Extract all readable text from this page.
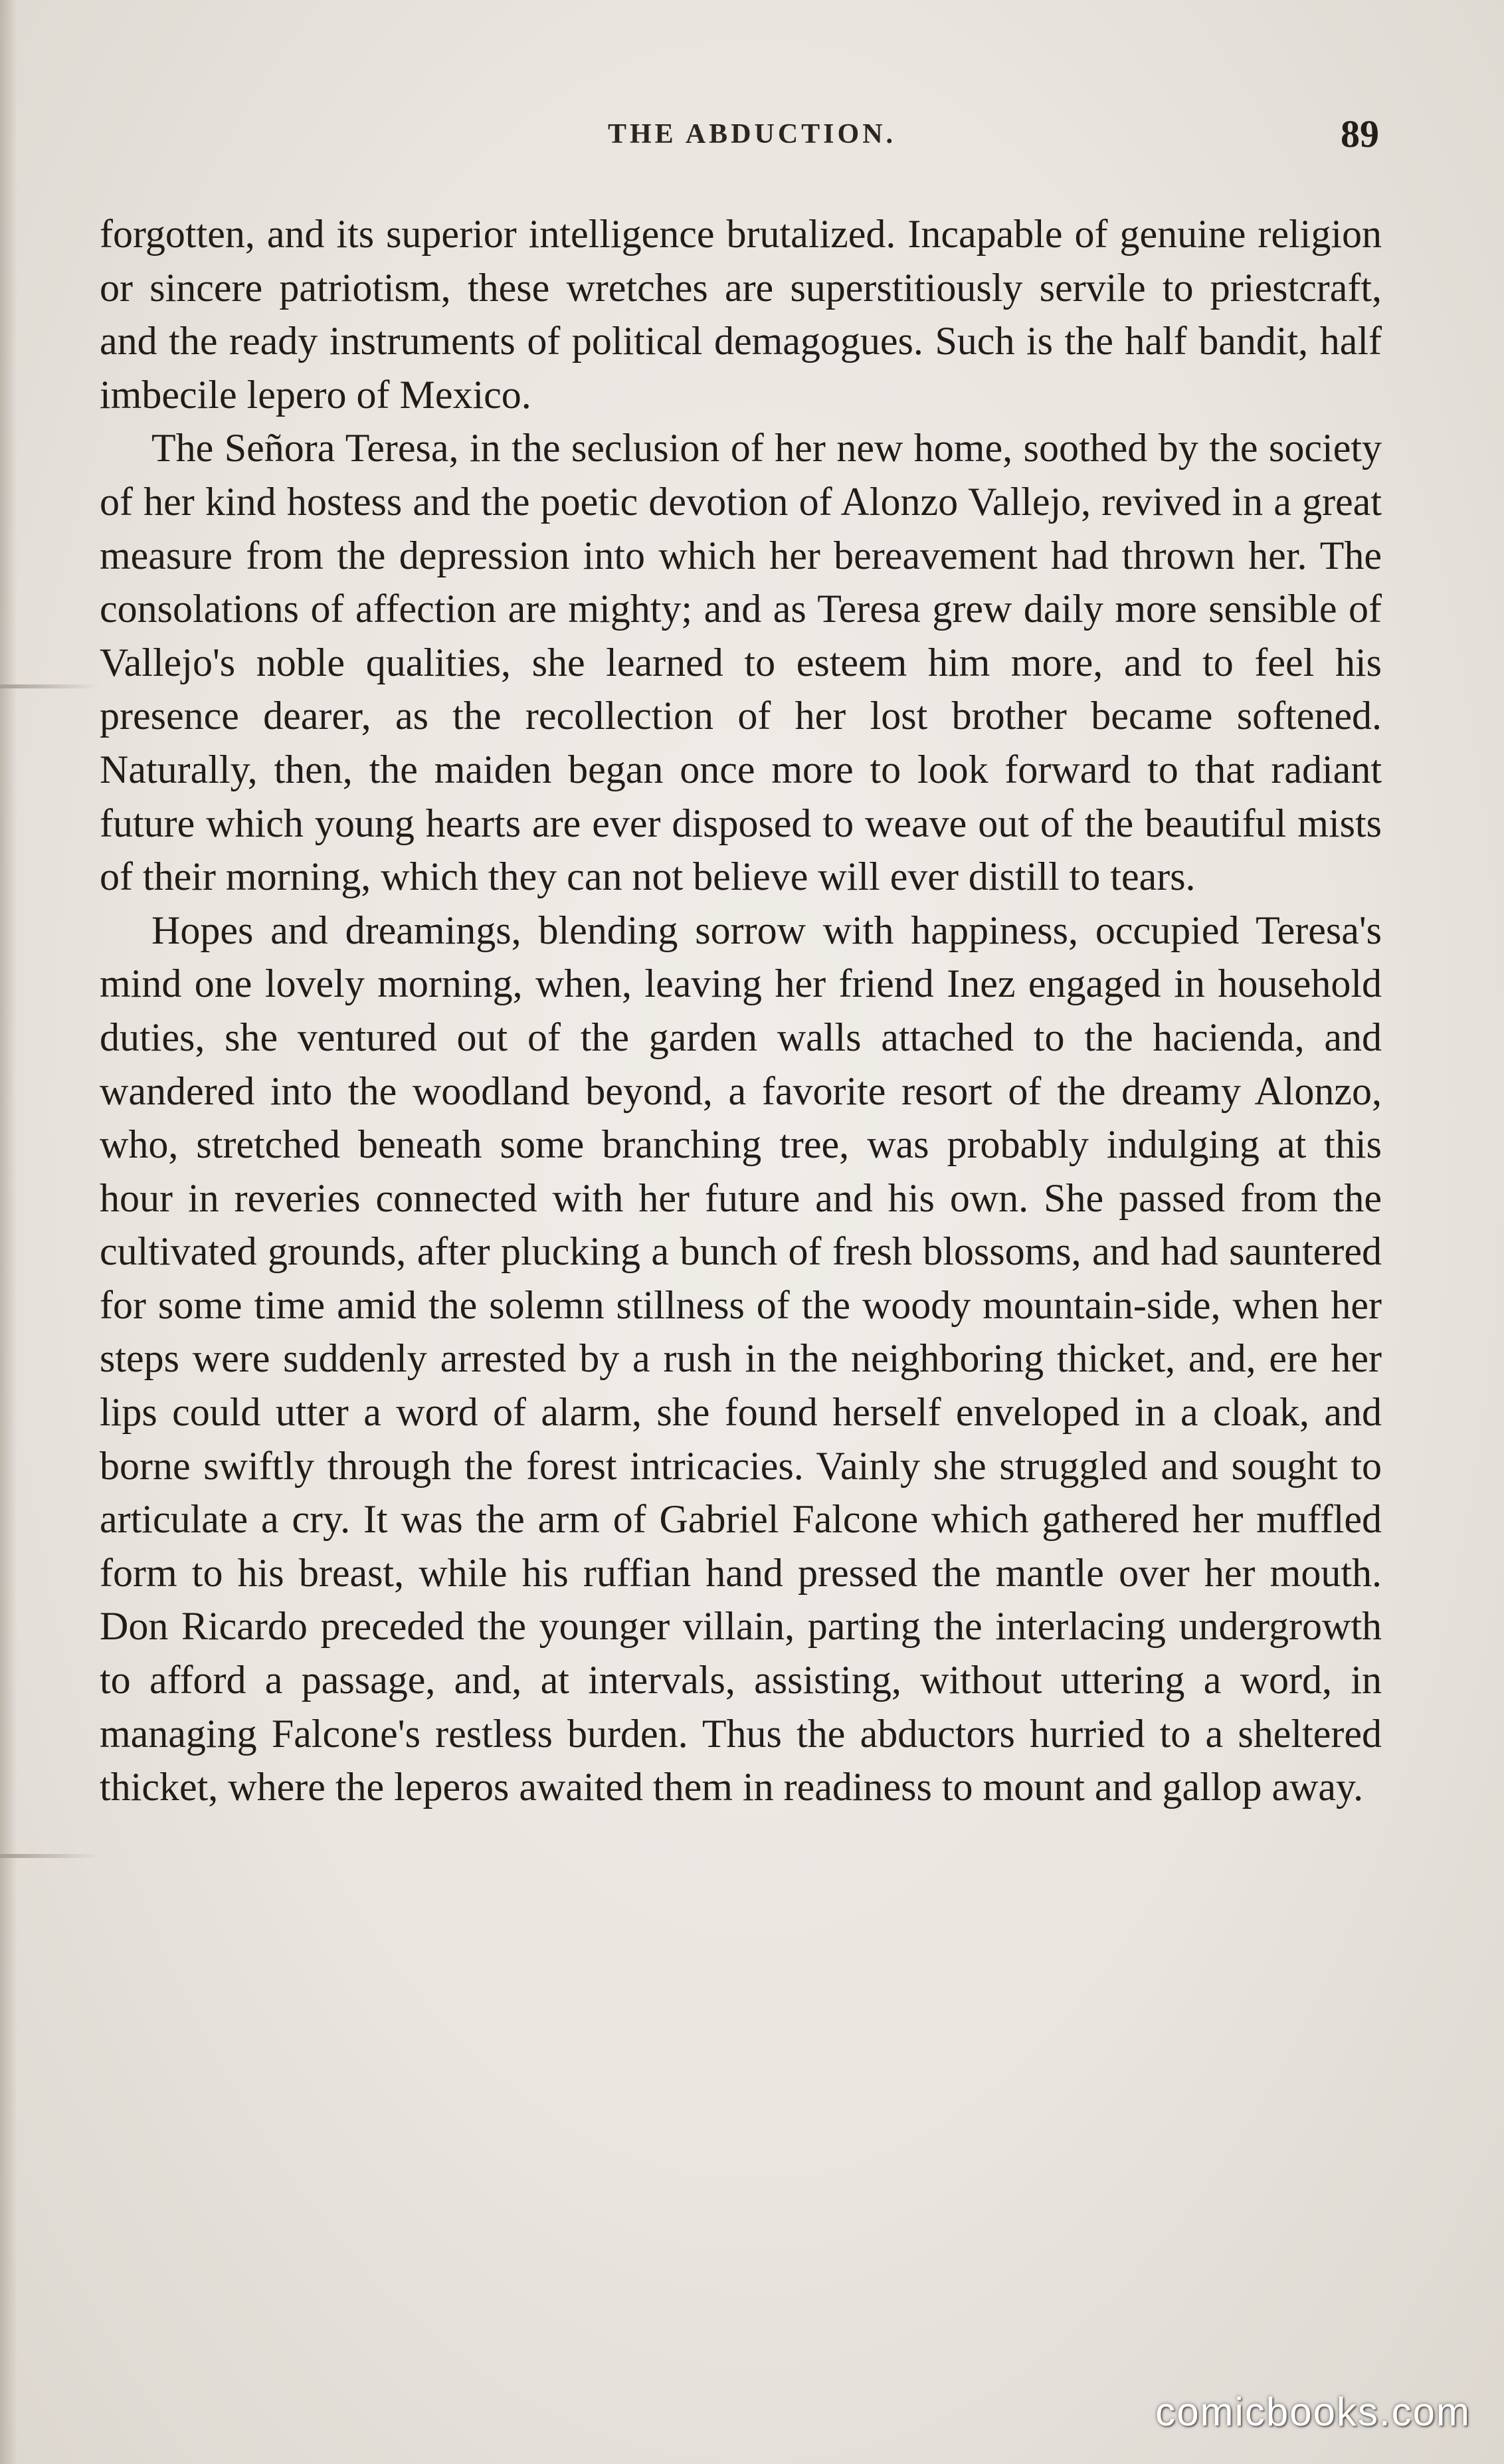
THE ABDUCTION.	89

forgotten, and its superior intelligence brutalized. Incapable of genuine religion or sincere patriotism, these wretches are superstitiously servile to priestcraft, and the ready instruments of political demagogues. Such is the half bandit, half imbecile lepero of Mexico.

The Señora Teresa, in the seclusion of her new home, soothed by the society of her kind hostess and the poetic devotion of Alonzo Vallejo, revived in a great measure from the depression into which her bereavement had thrown her. The consolations of affection are mighty; and as Teresa grew daily more sensible of Vallejo's noble qualities, she learned to esteem him more, and to feel his presence dearer, as the recollection of her lost brother became softened. Naturally, then, the maiden began once more to look forward to that radiant future which young hearts are ever disposed to weave out of the beautiful mists of their morning, which they can not believe will ever distill to tears.

Hopes and dreamings, blending sorrow with happiness, occupied Teresa's mind one lovely morning, when, leaving her friend Inez engaged in household duties, she ventured out of the garden walls attached to the hacienda, and wandered into the woodland beyond, a favorite resort of the dreamy Alonzo, who, stretched beneath some branching tree, was probably indulging at this hour in reveries connected with her future and his own. She passed from the cultivated grounds, after plucking a bunch of fresh blossoms, and had sauntered for some time amid the solemn stillness of the woody mountain-side, when her steps were suddenly arrested by a rush in the neighboring thicket, and, ere her lips could utter a word of alarm, she found herself enveloped in a cloak, and borne swiftly through the forest intricacies. Vainly she struggled and sought to articulate a cry. It was the arm of Gabriel Falcone which gathered her muffled form to his breast, while his ruffian hand pressed the mantle over her mouth. Don Ricardo preceded the younger villain, parting the interlacing undergrowth to afford a passage, and, at intervals, assisting, without uttering a word, in managing Falcone's restless burden. Thus the abductors hurried to a sheltered thicket, where the leperos awaited them in readiness to mount and gallop away.

comicbooks.com
